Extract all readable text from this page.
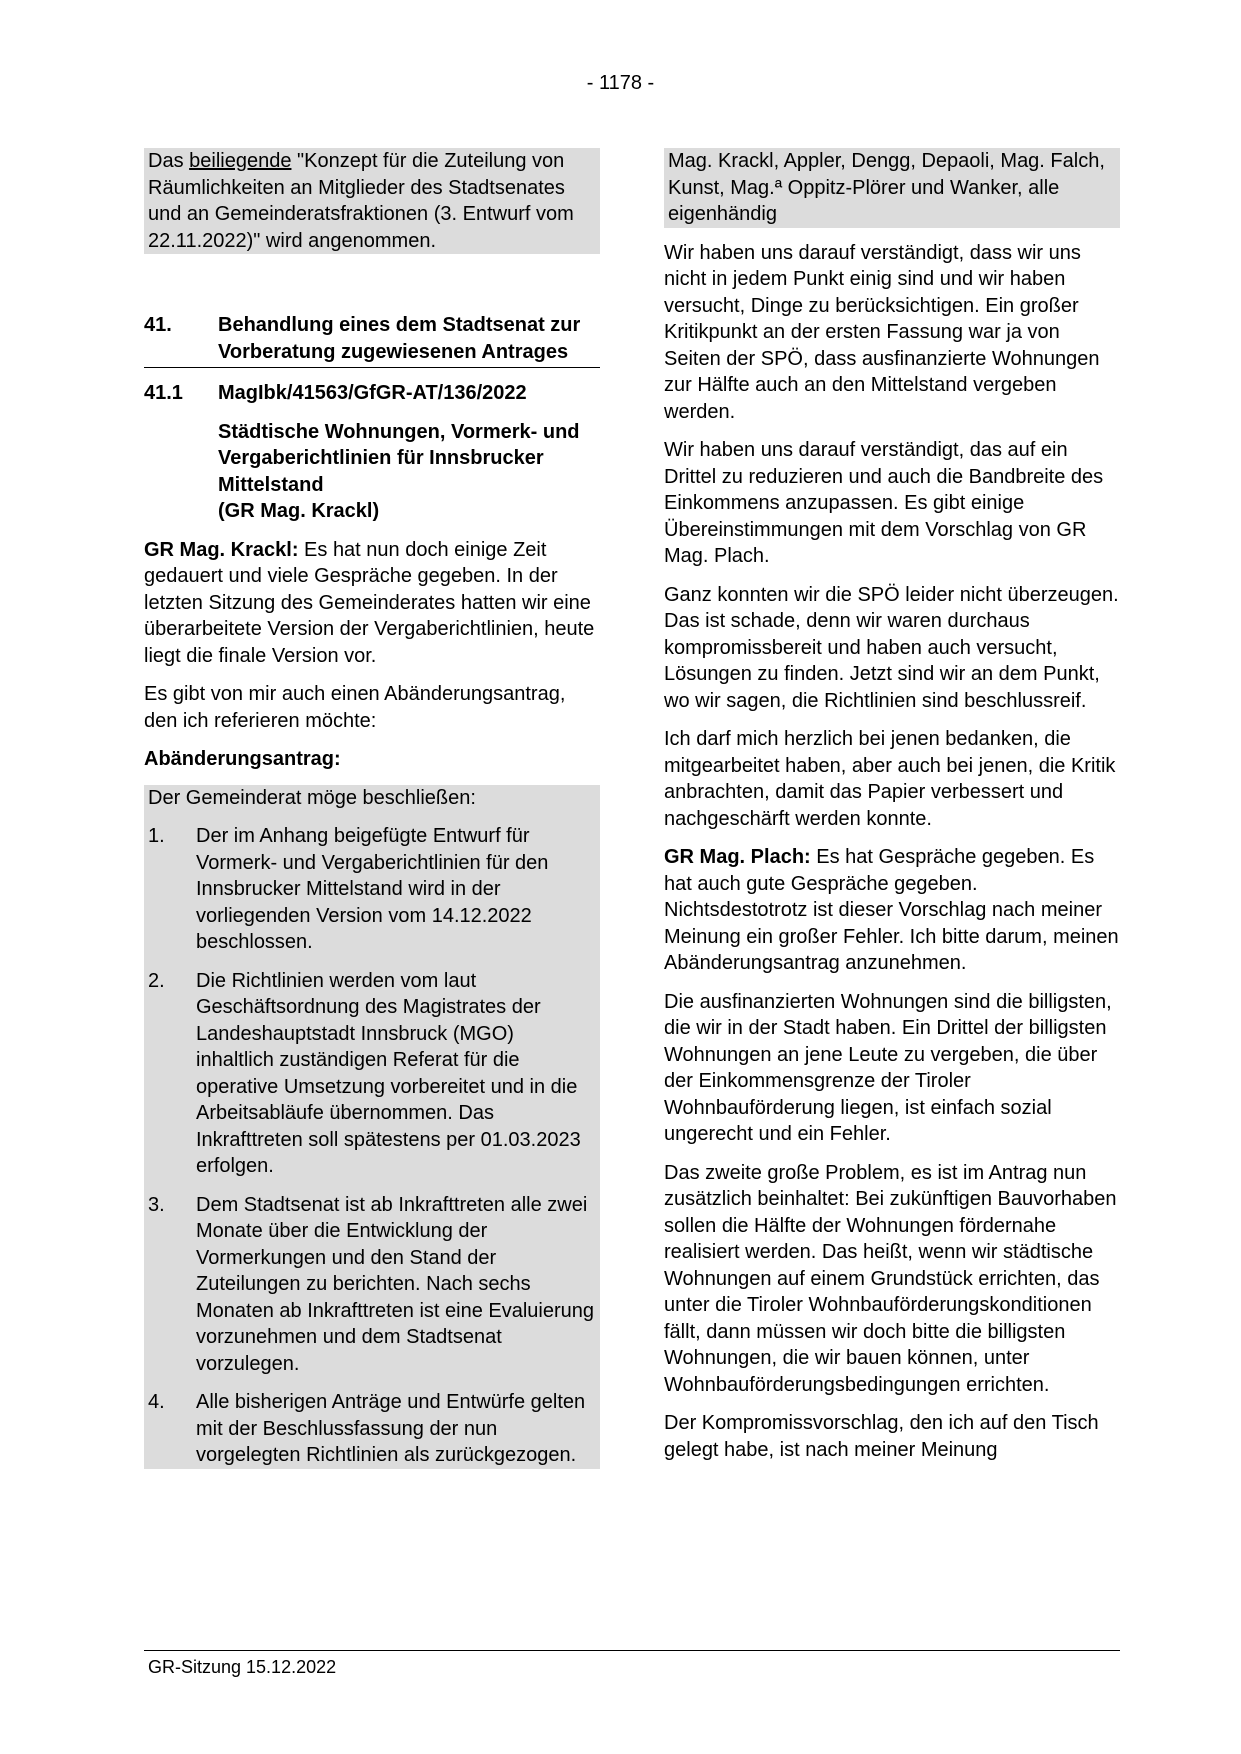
- 1178 -
Das beiliegende "Konzept für die Zuteilung von Räumlichkeiten an Mitglieder des Stadtsenates und an Gemeinderatsfraktionen (3. Entwurf vom 22.11.2022)" wird angenommen.
41.	Behandlung eines dem Stadtsenat zur Vorberatung zugewiesenen Antrages
41.1	MagIbk/41563/GfGR-AT/136/2022
Städtische Wohnungen, Vormerk- und Vergaberichtlinien für Innsbrucker Mittelstand
(GR Mag. Krackl)

GR Mag. Krackl: Es hat nun doch einige Zeit gedauert und viele Gespräche gegeben. In der letzten Sitzung des Gemeinderates hatten wir eine überarbeitete Version der Vergaberichtlinien, heute liegt die finale Version vor.

Es gibt von mir auch einen Abänderungsantrag, den ich referieren möchte:

Abänderungsantrag:

Der Gemeinderat möge beschließen:

1.	Der im Anhang beigefügte Entwurf für Vormerk- und Vergaberichtlinien für den Innsbrucker Mittelstand wird in der vorliegenden Version vom 14.12.2022 beschlossen.
2.	Die Richtlinien werden vom laut Geschäftsordnung des Magistrates der Landeshauptstadt Innsbruck (MGO) inhaltlich zuständigen Referat für die operative Umsetzung vorbereitet und in die Arbeitsabläufe übernommen. Das Inkrafttreten soll spätestens per 01.03.2023 erfolgen.
3.	Dem Stadtsenat ist ab Inkrafttreten alle zwei Monate über die Entwicklung der Vormerkungen und den Stand der Zuteilungen zu berichten. Nach sechs Monaten ab Inkrafttreten ist eine Evaluierung vorzunehmen und dem Stadtsenat vorzulegen.
4.	Alle bisherigen Anträge und Entwürfe gelten mit der Beschlussfassung der nun vorgelegten Richtlinien als zurückgezogen.
Mag. Krackl, Appler, Dengg, Depaoli, Mag. Falch, Kunst, Mag.ª Oppitz-Plörer und Wanker, alle eigenhändig

Wir haben uns darauf verständigt, dass wir uns nicht in jedem Punkt einig sind und wir haben versucht, Dinge zu berücksichtigen. Ein großer Kritikpunkt an der ersten Fassung war ja von Seiten der SPÖ, dass ausfinanzierte Wohnungen zur Hälfte auch an den Mittelstand vergeben werden.

Wir haben uns darauf verständigt, das auf ein Drittel zu reduzieren und auch die Bandbreite des Einkommens anzupassen. Es gibt einige Übereinstimmungen mit dem Vorschlag von GR Mag. Plach.

Ganz konnten wir die SPÖ leider nicht überzeugen. Das ist schade, denn wir waren durchaus kompromissbereit und haben auch versucht, Lösungen zu finden. Jetzt sind wir an dem Punkt, wo wir sagen, die Richtlinien sind beschlussreif.

Ich darf mich herzlich bei jenen bedanken, die mitgearbeitet haben, aber auch bei jenen, die Kritik anbrachten, damit das Papier verbessert und nachgeschärft werden konnte.

GR Mag. Plach: Es hat Gespräche gegeben. Es hat auch gute Gespräche gegeben. Nichtsdestotrotz ist dieser Vorschlag nach meiner Meinung ein großer Fehler. Ich bitte darum, meinen Abänderungsantrag anzunehmen.

Die ausfinanzierten Wohnungen sind die billigsten, die wir in der Stadt haben. Ein Drittel der billigsten Wohnungen an jene Leute zu vergeben, die über der Einkommensgrenze der Tiroler Wohnbauförderung liegen, ist einfach sozial ungerecht und ein Fehler.

Das zweite große Problem, es ist im Antrag nun zusätzlich beinhaltet: Bei zukünftigen Bauvorhaben sollen die Hälfte der Wohnungen fördernahe realisiert werden. Das heißt, wenn wir städtische Wohnungen auf einem Grundstück errichten, das unter die Tiroler Wohnbauförderungskonditionen fällt, dann müssen wir doch bitte die billigsten Wohnungen, die wir bauen können, unter Wohnbauförderungsbedingungen errichten.

Der Kompromissvorschlag, den ich auf den Tisch gelegt habe, ist nach meiner Meinung

GR-Sitzung 15.12.2022
